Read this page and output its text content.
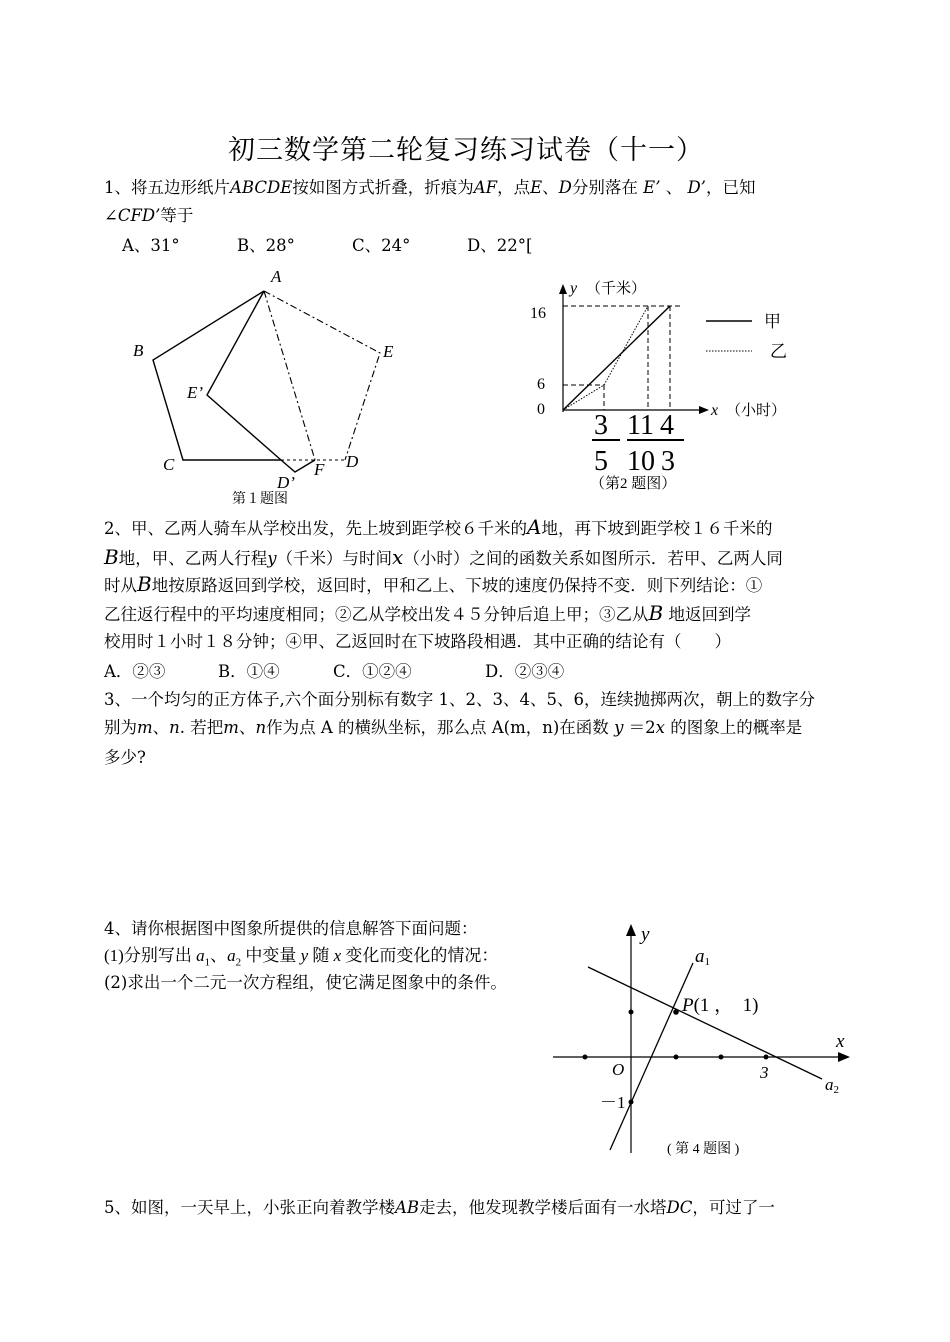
初三数学第二轮复习练习试卷（十一）
1、将五边形纸片ABCDE按如图方式折叠，折痕为AF，点E、D分别落在 E’ 、 D’，已知
∠CFD’等于
A、31°	B、28°	C、24°	D、22°[
A
B
C	D
E
E’
D’
F
第１题图
甲
乙
y （千米）
x （小时）
16
6
0
3
5
11
10
4
3
（第2 题图）
2、甲、乙两人骑车从学校出发，先上坡到距学校６千米的A地，再下坡到距学校１６千米的
B地，甲、乙两人行程y（千米）与时间x（小时）之间的函数关系如图所示．若甲、乙两人同
时从B地按原路返回到学校，返回时，甲和乙上、下坡的速度仍保持不变．则下列结论：①
乙往返行程中的平均速度相同；②乙从学校出发４５分钟后追上甲；③乙从B 地返回到学
校用时１小时１８分钟；④甲、乙返回时在下坡路段相遇．其中正确的结论有（　　）
A．②③	B．①④	C．①②④	D．②③④
3、一个均匀的正方体子,六个面分别标有数字 1、2、3、4、5、6，连续抛掷两次，朝上的数字分
别为m、n. 若把m、n作为点 A 的横纵坐标，那么点 A(m，n)在函数 y ＝2x 的图象上的概率是
多少?
4、请你根据图中图象所提供的信息解答下面问题：
(1)分别写出 $a_1$、$a_2$ 中变量 y 随 x 变化而变化的情况：
(2)求出一个二元一次方程组，使它满足图象中的条件。
y
x
a1
a2
P(1 ，  1)
O	3
－1
( 第 4 题图 )
5、如图，一天早上，小张正向着教学楼AB走去，他发现教学楼后面有一水塔DC，可过了一
